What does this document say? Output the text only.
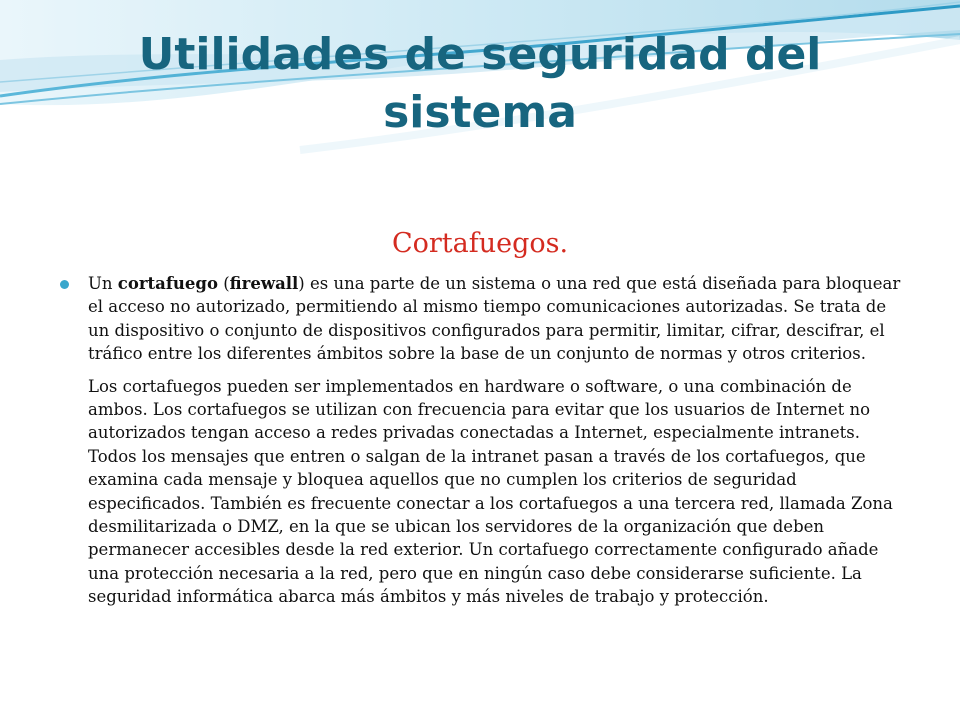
Utilidades de seguridad del sistema
Cortafuegos.

Un cortafuego (firewall) es una parte de un sistema o una red que está diseñada para bloquear el acceso no autorizado, permitiendo al mismo tiempo comunicaciones autorizadas. Se trata de un dispositivo o conjunto de dispositivos configurados para permitir, limitar, cifrar, descifrar, el tráfico entre los diferentes ámbitos sobre la base de un conjunto de normas y otros criterios.

Los cortafuegos pueden ser implementados en hardware o software, o una combinación de ambos. Los cortafuegos se utilizan con frecuencia para evitar que los usuarios de Internet no autorizados tengan acceso a redes privadas conectadas a Internet, especialmente intranets. Todos los mensajes que entren o salgan de la intranet pasan a través de los cortafuegos, que examina cada mensaje y bloquea aquellos que no cumplen los criterios de seguridad especificados. También es frecuente conectar a los cortafuegos a una tercera red, llamada Zona desmilitarizada o DMZ, en la que se ubican los servidores de la organización que deben permanecer accesibles desde la red exterior. Un cortafuego correctamente configurado añade una protección necesaria a la red, pero que en ningún caso debe considerarse suficiente. La seguridad informática abarca más ámbitos y más niveles de trabajo y protección.
